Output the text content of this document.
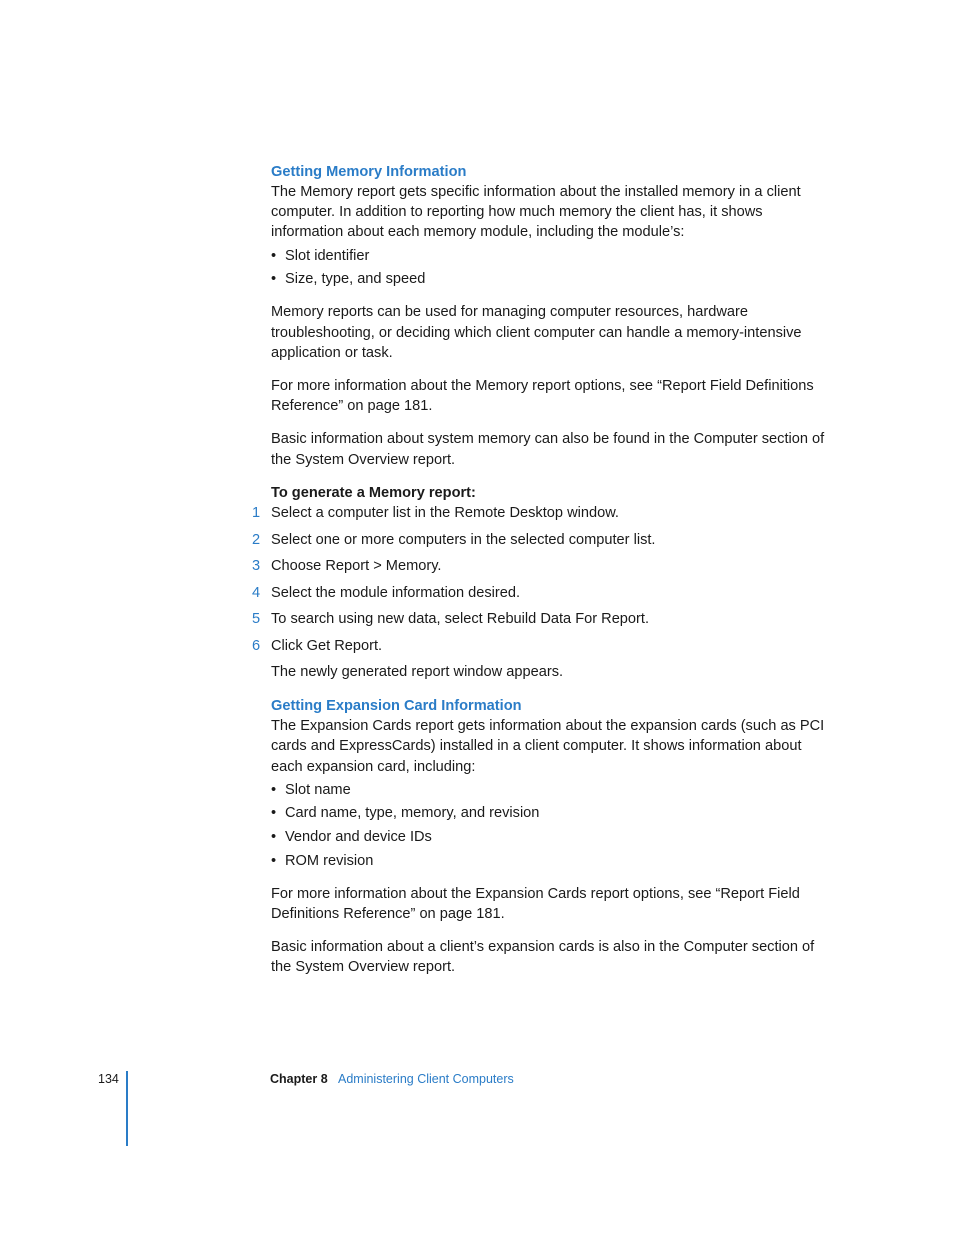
Getting Memory Information

The Memory report gets specific information about the installed memory in a client computer. In addition to reporting how much memory the client has, it shows information about each memory module, including the module’s:

• Slot identifier
• Size, type, and speed

Memory reports can be used for managing computer resources, hardware troubleshooting, or deciding which client computer can handle a memory-intensive application or task.

For more information about the Memory report options, see “Report Field Definitions Reference” on page 181.

Basic information about system memory can also be found in the Computer section of the System Overview report.

To generate a Memory report:

1 Select a computer list in the Remote Desktop window.
2 Select one or more computers in the selected computer list.
3 Choose Report > Memory.
4 Select the module information desired.
5 To search using new data, select Rebuild Data For Report.
6 Click Get Report.

The newly generated report window appears.

Getting Expansion Card Information

The Expansion Cards report gets information about the expansion cards (such as PCI cards and ExpressCards) installed in a client computer. It shows information about each expansion card, including:

• Slot name
• Card name, type, memory, and revision
• Vendor and device IDs
• ROM revision

For more information about the Expansion Cards report options, see “Report Field Definitions Reference” on page 181.

Basic information about a client’s expansion cards is also in the Computer section of the System Overview report.

134	Chapter 8 Administering Client Computers
